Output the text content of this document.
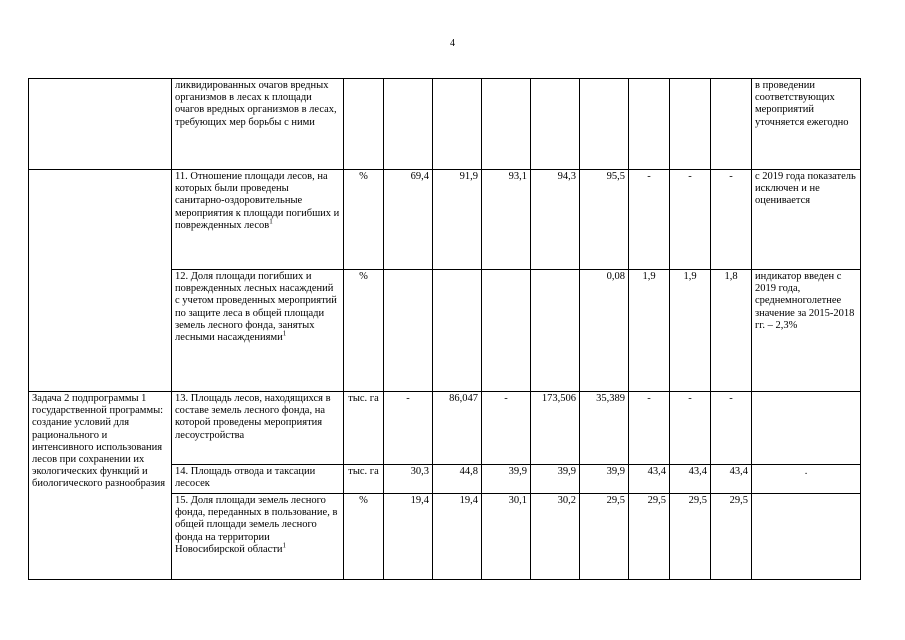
4
	ликвидированных очагов вредных организмов в лесах к площади очагов вредных организмов в лесах, требующих мер борьбы с ними										в проведении соответствующих мероприятий уточняется ежегодно
	11. Отношение площади лесов, на которых были проведены санитарно-оздоровительные мероприятия к площади погибших и поврежденных лесов$^1$	%	69,4	91,9	93,1	94,3	95,5	-	-	-	с 2019 года показатель исключен и не оценивается
	12. Доля площади погибших и поврежденных лесных насаждений с учетом проведенных мероприятий по защите леса в общей площади земель лесного фонда, занятых лесными насаждениями$^1$	%					0,08	1,9	1,9	1,8	индикатор введен с 2019 года, среднемноголетнее значение за 2015-2018 гг. – 2,3%
Задача 2 подпрограммы 1 государственной программы: создание условий для рационального и интенсивного использования лесов при сохранении их экологических функций и биологического разнообразия	13. Площадь лесов, находящихся в составе земель лесного фонда, на которой проведены мероприятия лесоустройства	тыс. га	-	86,047	-	173,506	35,389	-	-	-	
	14. Площадь отвода и таксации лесосек	тыс. га	30,3	44,8	39,9	39,9	39,9	43,4	43,4	43,4	.
	15. Доля площади земель лесного фонда, переданных в пользование, в общей площади земель лесного фонда на территории Новосибирской области$^1$	%	19,4	19,4	30,1	30,2	29,5	29,5	29,5	29,5	
